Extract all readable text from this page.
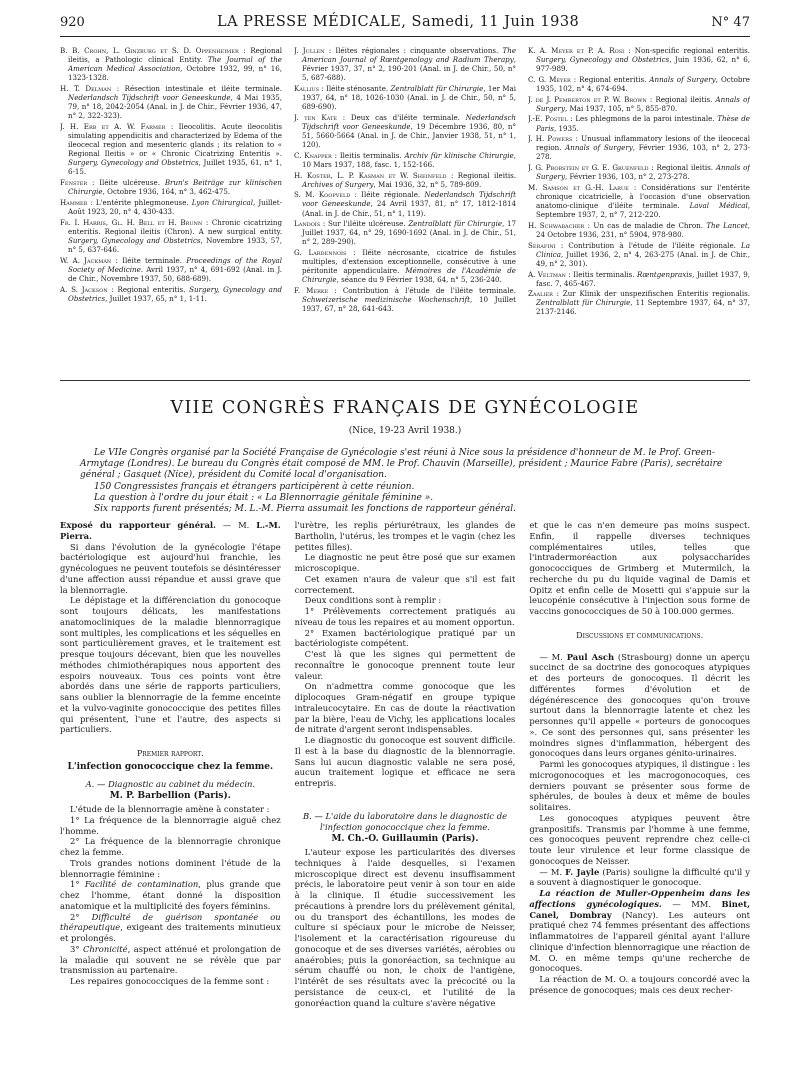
920	LA PRESSE MÉDICALE, Samedi, 11 Juin 1938	N° 47

B. B. Crohn, L. Ginzburg et S. D. Oppenheimer : Regional ileitis, a Pathologic clinical Entity. The Journal of the American Medical Association, Octobre 1932, 99, n° 16, 1323-1328.

H. T. Delman : Résection intestinale et iléite terminale. Nederlandsch Tijdschrift voor Geneeskunde, 4 Mai 1935, 79, n° 18, 2042-2054 (Anal. in J. de Chir., Février 1936, 47, n° 2, 322-323).

J. H. Erb et A. W. Farmer : Ileocolitis. Acute ileocolitis simulating appendicitis and characterized by Edema of the ileocecal region and mesenteric glands ; its relation to « Regional Ileitis » or « Chronic Cicatrizing Enteritis ». Surgery, Gynecology and Obstetrics, Juillet 1935, 61, n° 1, 6-15.

Fenster : Iléite ulcéreuse. Brun's Beiträge zur klinischen Chirurgie, Octobre 1936, 164, n° 3, 462-475.

Hammer : L'entérite phlegmoneuse. Lyon Chirurgical, Juillet-Août 1923, 20, n° 4, 430-433.

Fr. I. Harris, Gl. H. Bell et H. Brunn : Chronic cicatrizing enteritis. Regional ileitis (Chron). A new surgical entity. Surgery, Gynecology and Obstetrics, Novembre 1933, 57, n° 5, 637-646.

W. A. Jackman : Iléite terminale. Proceedings of the Royal Society of Medicine. Avril 1937, n° 4, 691-692 (Anal. in J. de Chir., Novembre 1937, 50, 688-689).

A. S. Jackson : Regional enteritis. Surgery, Gynecology and Obstetrics, Juillet 1937, 65, n° 1, 1-11.

J. Jullen : Iléites régionales : cinquante observations. The American Journal of Rœntgenology and Radium Therapy, Février 1937, 37, n° 2, 190-201 (Anal. in J. de Chir., 50, n° 5, 687-688).

Kallius : Iléite sténosante. Zentralblatt für Chirurgie, 1er Mai 1937, 64, n° 18, 1026-1030 (Anal. in J. de Chir., 50, n° 5, 689-690).

J. ten Kate : Deux cas d'iléite terminale. Nederlandsch Tijdschrift voor Geneeskunde, 19 Décembre 1936, 80, n° 51, 5660-5664 (Anal. in J. de Chir., Janvier 1938, 51, n° 1, 120).

C. Knapper : Ileitis terminalis. Archiv für klinische Chirurgie, 10 Mars 1937, 188, fasc. 1, 152-166.

H. Koster, L. P. Kasman et W. Sheinfeld : Regional ileitis. Archives of Surgery, Mai 1936, 32, n° 5, 789-809.

S. M. Koopveld : Iléite régionale. Nederlandsch Tijdschrift voor Geneeskunde, 24 Avril 1937, 81, n° 17, 1812-1814 (Anal. in J. de Chir., 51, n° 1, 119).

Landois : Sur l'iléite ulcéreuse. Zentralblatt für Chirurgie, 17 Juillet 1937, 64, n° 29, 1690-1692 (Anal. in J. de Chir., 51, n° 2, 289-290).

G. Lardennois : Iléite nécrosante, cicatrice de fistules multiples, d'extension exceptionnelle, consécutive à une péritonite appendiculaire. Mémoires de l'Académie de Chirurgie, séance du 9 Février 1938, 64, n° 5, 236-240.

F. Merke : Contribution à l'étude de l'iléite terminale. Schweizerische medizinische Wochenschrift, 10 Juillet 1937, 67, n° 28, 641-643.

K. A. Meyer et P. A. Rosi : Non-specific regional enteritis. Surgery, Gynecology and Obstetrics, Juin 1936, 62, n° 6, 977-989.

C. G. Meyer : Regional enteritis. Annals of Surgery, Octobre 1935, 102, n° 4, 674-694.

J. de J. Pemberton et P. W. Brown : Regional ileitis. Annals of Surgery, Mai 1937, 105, n° 5, 855-870.

J.-E. Postel : Les phlegmons de la paroi intestinale. Thèse de Paris, 1935.

J. H. Powers : Unusual inflammatory lesions of the ileocecal region. Annals of Surgery, Février 1936, 103, n° 2, 273-278.

J. G. Probstein et G. E. Gruenfeld : Regional ileitis. Annals of Surgery, Février 1936, 103, n° 2, 273-278.

M. Samson et G.-H. Larue : Considérations sur l'entérite chronique cicatricielle, à l'occasion d'une observation anatomo-clinique d'iléite terminale. Laval Médical, Septembre 1937, 2, n° 7, 212-220.

H. Schwabacher : Un cas de maladie de Chron. The Lancet, 24 Octobre 1936, 231, n° 5904, 978-980.

Serafini : Contribution à l'étude de l'iléite régionale. La Clinica, Juillet 1936, 2, n° 4, 263-275 (Anal. in J. de Chir., 49, n° 2, 301).

A. Veltman : Ileitis terminalis. Rœntgenpraxis, Juillet 1937, 9, fasc. 7, 465-467.

Zaalier : Zur Klinik der unspezifischen Enteritis regionalis. Zentralblatt für Chirurgie, 11 Septembre 1937, 64, n° 37, 2137-2146.

VIIE CONGRÈS FRANÇAIS DE GYNÉCOLOGIE
(Nice, 19-23 Avril 1938.)

Le VIIe Congrès organisé par la Société Française de Gynécologie s'est réuni à Nice sous la présidence d'honneur de M. le Prof. Green-Armytage (Londres). Le bureau du Congrès était composé de MM. le Prof. Chauvin (Marseille), président ; Maurice Fabre (Paris), secrétaire général ; Gasquet (Nice), président du Comité local d'organisation.

150 Congressistes français et étrangers participèrent à cette réunion.

La question à l'ordre du jour était : « La Blennorragie génitale féminine ».

Six rapports furent présentés; M. L.-M. Pierra assumait les fonctions de rapporteur général.

Exposé du rapporteur général. — M. L.-M. Pierra.

Si dans l'évolution de la gynécologie l'étape bactériologique est aujourd'hui franchie, les gynécologues ne peuvent toutefois se désintéresser d'une affection aussi répandue et aussi grave que la blennorragie.

Le dépistage et la différenciation du gonocoque sont toujours délicats, les manifestations anatomocliniques de la maladie blennorragique sont multiples, les complications et les séquelles en sont particulièrement graves, et le traitement est presque toujours décevant, bien que les nouvelles méthodes chimiothérapiques nous apportent des espoirs nouveaux. Tous ces points vont être abordés dans une série de rapports particuliers, sans oublier la blennorragie de la femme enceinte et la vulvo-vaginite gonococcique des petites filles qui présentent, l'une et l'autre, des aspects si particuliers.

Premier rapport.

L'infection gonococcique chez la femme.

A. — Diagnostic au cabinet du médecin.

M. P. Barbellion (Paris).

L'étude de la blennorragie amène à constater :

1° La fréquence de la blennorragie aiguë chez l'homme.

2° La fréquence de la blennorragie chronique chez la femme.

Trois grandes notions dominent l'étude de la blennorragie féminine :

1° Facilité de contamination, plus grande que chez l'homme, étant donné la disposition anatomique et la multiplicité des foyers féminins.

2° Difficulté de guérison spontanée ou thérapeutique, exigeant des traitements minutieux et prolongés.

3° Chronicité, aspect atténué et prolongation de la maladie qui souvent ne se révèle que par transmission au partenaire.

Les repaires gonococciques de la femme sont :

l'urètre, les replis périurétraux, les glandes de Bartholin, l'utérus, les trompes et le vagin (chez les petites filles).

Le diagnostic ne peut être posé que sur examen microscopique.

Cet examen n'aura de valeur que s'il est fait correctement.

Deux conditions sont à remplir :

1° Prélèvements correctement pratiqués au niveau de tous les repaires et au moment opportun.

2° Examen bactériologique pratiqué par un bactériologiste compétent.

C'est là que les signes qui permettent de reconnaître le gonocoque prennent toute leur valeur.

On n'admettra comme gonocoque que les diplocoques Gram-négatif en groupe typique intraleucocytaire. En cas de doute la réactivation par la bière, l'eau de Vichy, les applications locales de nitrate d'argent seront indispensables.

Le diagnostic du gonocoque est souvent difficile. Il est à la base du diagnostic de la blennorragie. Sans lui aucun diagnostic valable ne sera posé, aucun traitement logique et efficace ne sera entrepris.

B. — L'aide du laboratoire dans le diagnostic de l'infection gonococcique chez la femme.

M. Ch.-O. Guillaumin (Paris).

L'auteur expose les particularités des diverses techniques à l'aide desquelles, si l'examen microscopique direct est devenu insuffisamment précis, le laboratoire peut venir à son tour en aide à la clinique. Il étudie successivement les précautions à prendre lors du prélèvement génital, ou du transport des échantillons, les modes de culture si spéciaux pour le microbe de Neisser, l'isolement et la caractérisation rigoureuse du gonocoque et de ses diverses variétés, aérobies ou anaérobies; puis la gonoréaction, sa technique au sérum chauffé ou non, le choix de l'antigène, l'intérêt de ses résultats avec la précocité ou la persistance de ceux-ci, et l'utilité de la gonoréaction quand la culture s'avère négative

et que le cas n'en demeure pas moins suspect. Enfin, il rappelle diverses techniques complémentaires utiles, telles que l'intradermoréaction aux polysaccharides gonococciques de Grimberg et Mutermilch, la recherche du pu du liquide vaginal de Damis et Opitz et enfin celle de Mosetti qui s'appuie sur la leucopénie consécutive à l'injection sous forme de vaccins gonococciques de 50 à 100.000 germes.

Discussions et communications.

— M. Paul Asch (Strasbourg) donne un aperçu succinct de sa doctrine des gonocoques atypiques et des porteurs de gonocoques. Il décrit les différentes formes d'évolution et de dégénérescence des gonocoques qu'on trouve surtout dans la blennorragie latente et chez les personnes qu'il appelle « porteurs de gonocoques ». Ce sont des personnes qui, sans présenter les moindres signes d'inflammation, hébergent des gonocoques dans leurs organes génito-urinaires.

Parmi les gonocoques atypiques, il distingue : les microgonocoques et les macrogonocoques, ces derniers pouvant se présenter sous forme de sphérules, de boules à deux et même de boules solitaires.

Les gonocoques atypiques peuvent être granpositifs. Transmis par l'homme à une femme, ces gonocoques peuvent reprendre chez celle-ci toute leur virulence et leur forme classique de gonocoques de Neisser.

— M. F. Jayle (Paris) souligne la difficulté qu'il y a souvent à diagnostiquer le gonocoque.

La réaction de Muller-Oppenheim dans les affections gynécologiques. — MM. Binet, Canel, Dombray (Nancy). Les auteurs ont pratiqué chez 74 femmes présentant des affections inflammatoires de l'appareil génital ayant l'allure clinique d'infection blennorragique une réaction de M. O. en même temps qu'une recherche de gonocoques.

La réaction de M. O. a toujours concordé avec la présence de gonocoques; mais ces deux recher-
